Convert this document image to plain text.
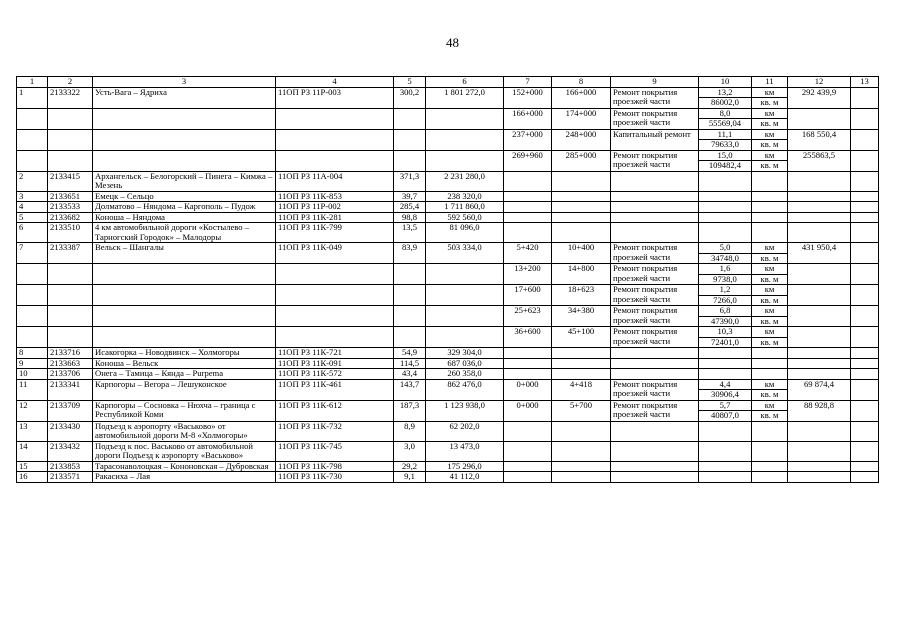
48
1	2	3	4	5	6	7	8	9	10	11	12	13
1	2133322	Усть-Вага – Ядриха	11ОП РЗ 11Р-003	300,2	1 801 272,0	152+000	166+000	Ремонт покрытия проезжей части	13,2	км	292 439,9	
									86002,0	кв. м		
						166+000	174+000	Ремонт покрытия проезжей части	8,0	км		
									55569,04	кв. м		
						237+000	248+000	Капитальный ремонт	11,1	км	168 550,4	
									79633,0	кв. м		
						269+960	285+000	Ремонт покрытия проезжей части	15,0	км	255863,5	
									109482,4	кв. м		
2	2133415	Архангельск – Белогорский – Пинега – Кимжа – Мезень	11ОП РЗ 11А-004	371,3	2 231 280,0							
3	2133651	Емецк – Сельцо	11ОП РЗ 11К-853	39,7	238 320,0							
4	2133533	Долматово – Няндома – Каргополь – Пудож	11ОП РЗ 11Р-002	285,4	1 711 860,0							
5	2133682	Коноша – Няндома	11ОП РЗ 11К-281	98,8	592 560,0							
6	2133510	4 км автомобильной дороги «Костылево – Тарногский Городок» – Малодоры	11ОП РЗ 11К-799	13,5	81 096,0							
7	2133387	Вельск – Шангалы	11ОП РЗ 11К-049	83,9	503 334,0	5+420	10+400	Ремонт покрытия проезжей части	5,0	км	431 950,4	
									34748,0	кв. м		
						13+200	14+800	Ремонт покрытия проезжей части	1,6	км		
									9738,0	кв. м		
						17+600	18+623	Ремонт покрытия проезжей части	1,2	км		
									7266,0	кв. м		
						25+623	34+380	Ремонт покрытия проезжей части	6,8	км		
									47390,0	кв. м		
						36+600	45+100	Ремонт покрытия проезжей части	10,3	км		
									72401,0	кв. м		
8	2133716	Исакогорка – Новодвинск – Холмогоры	11ОП РЗ 11К-721	54,9	329 304,0							
9	2133663	Коноша – Вельск	11ОП РЗ 11К-091	114,5	687 036,0							
10	2133706	Онега – Тамица – Кянда – Purpema	11ОП РЗ 11К-572	43,4	260 358,0							
11	2133341	Карпогоры – Вегора – Лешуконское	11ОП РЗ 11К-461	143,7	862 476,0	0+000	4+418	Ремонт покрытия проезжей части	4,4	км	69 874,4	
									30906,4	кв. м		
12	2133709	Карпогоры – Сосновка – Нюхча – граница с Республикой Коми	11ОП РЗ 11К-612	187,3	1 123 938,0	0+000	5+700	Ремонт покрытия проезжей части	5,7	км	88 928,8	
									40807,0	кв. м		
13	2133430	Подъезд к аэропорту «Васьково» от автомобильной дороги М-8 «Холмогоры»	11ОП РЗ 11К-732	8,9	62 202,0							
14	2133432	Подъезд к пос. Васьково от автомобильной дороги Подъезд к аэропорту «Васьково»	11ОП РЗ 11К-745	3,0	13 473,0							
15	2133853	Тарасонаволоцкая – Кононовская – Дубровская	11ОП РЗ 11К-798	29,2	175 296,0							
16	2133571	Ракасиха – Лая	11ОП РЗ 11К-730	9,1	41 112,0							
